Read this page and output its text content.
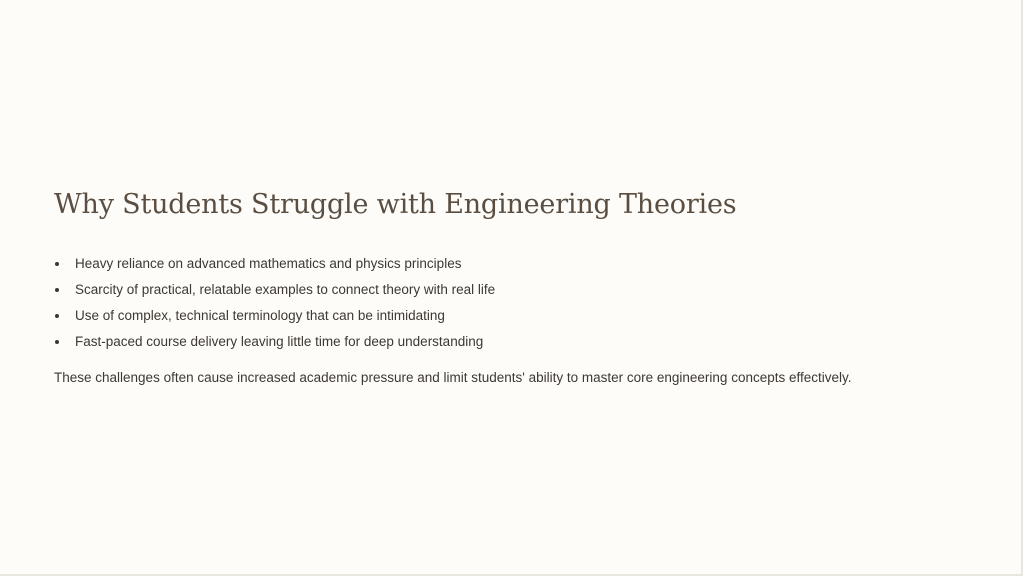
Why Students Struggle with Engineering Theories
Heavy reliance on advanced mathematics and physics principles
Scarcity of practical, relatable examples to connect theory with real life
Use of complex, technical terminology that can be intimidating
Fast-paced course delivery leaving little time for deep understanding

These challenges often cause increased academic pressure and limit students' ability to master core engineering concepts effectively.
